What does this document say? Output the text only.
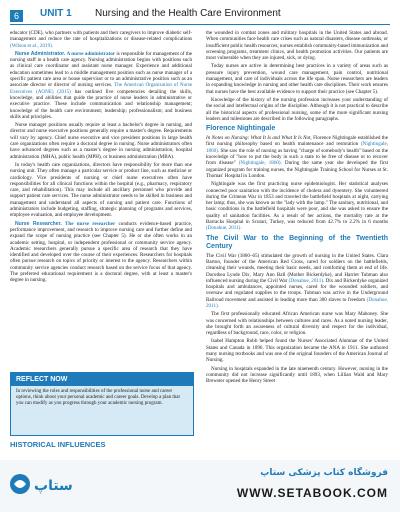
6	UNIT 1 Nursing and the Health Care Environment

educator (CDE), who partners with patients and their caregivers to improve diabetic self-management and reduce the rate of hospitalizations or disease-related complications (Wilson et al., 2019).

Nurse Administrator. A nurse administrator is responsible for management of the nursing staff in a health care agency. Nursing administration begins with positions such as clinical care coordinator and assistant nurse manager. Experience and additional education sometimes lead to a middle management position such as nurse manager of a specific patient care area or house supervisor or to an administrative position such as an associate director or director of nursing services. The American Organization of Nurse Executives (AONE) (2015) has outlined five competencies detailing the skills, knowledge, and abilities that guide the practice of nurse leaders in administrative or executive practice. These include communication and relationship management; knowledge of the health care environment; leadership; professionalism; and business skills and principles.

Nurse manager positions usually require at least a bachelor's degree in nursing, and director and nurse executive positions generally require a master's degree. Requirements will vary by agency. Chief nurse executive and vice president positions in large health care organizations often require a doctoral degree in nursing. Nurse administrators often have advanced degrees such as a master's degree in nursing administration, hospital administration (MHA), public health (MPH), or business administration (MBA).

In today's health care organizations, directors have responsibility for more than one nursing unit. They often manage a particular service or product line, such as medicine or cardiology. Vice presidents of nursing or chief nurse executives often have responsibilities for all clinical functions within the hospital (e.g., pharmacy, respiratory care, and rehabilitation). This may include all ancillary personnel who provide and support patient care services. The nurse administrator needs to be skilled in business and management and understand all aspects of nursing and patient care. Functions of administrators include budgeting, staffing, strategic planning of programs and services, employee evaluation, and employee development.

Nurse Researcher. The nurse researcher conducts evidence-based practice, performance improvement, and research to improve nursing care and further define and expand the scope of nursing practice (see Chapter 5). He or she often works in an academic setting, hospital, or independent professional or community service agency. Academic researchers generally pursue a specific area of research that they have identified and developed over the course of their experiences. Researchers for hospitals often pursue research on topics of priority or interest to the agency. Researchers within community service agencies conduct research based on the service focus of that agency. The preferred educational requirement is a doctoral degree, with at least a master's degree in nursing.

REFLECT NOW
In reviewing the roles and responsibilities of the professional nurse and career options, think about your personal academic and career goals. Develop a plan that you can modify as you progress through your academic nursing program.
HISTORICAL INFLUENCES

the wounded in combat zones and military hospitals in the United States and abroad. When communities face health care crises such as natural disasters, disease outbreaks, or insufficient public health resources, nurses establish community-based immunization and screening programs, treatment clinics, and health promotion activities. Our patients are most vulnerable when they are injured, sick, or dying.

Today nurses are active in determining best practices in a variety of areas such as pressure injury prevention, wound care management, pain control, nutritional management, and care of individuals across the life span. Nurse researchers are leaders in expanding knowledge in nursing and other health care disciplines. Their work ensures that nurses have the best available evidence to support their practice (see Chapter 5).

Knowledge of the history of the nursing profession increases your understanding of the social and intellectual origins of the discipline. Although it is not practical to describe all the historical aspects of professional nursing, some of the more significant nursing leaders and milestones are described in the following paragraphs.

Florence Nightingale

In Notes on Nursing: What It Is and What It Is Not, Florence Nightingale established the first nursing philosophy based on health maintenance and restoration (Nightingale, 1860). She saw the role of nursing as having "charge of somebody's health" based on the knowledge of "how to put the body in such a state to be free of disease or to recover from disease" (Nightingale, 1860). During the same year she developed the first organized program for training nurses, the Nightingale Training School for Nurses at St. Thomas' Hospital in London.

Nightingale was the first practicing nurse epidemiologist. Her statistical analyses connected poor sanitation with the incidence of cholera and dysentery. She volunteered during the Crimean War in 1853 and traveled the battlefield hospitals at night, carrying her lamp; thus, she was known as the "lady with the lamp." The sanitary, nutritional, and basic conditions in the battlefield hospitals were poor, and she was asked to ensure the quality of sanitation facilities. As a result of her actions, the mortality rate at the Barracks Hospital in Scutari, Turkey, was reduced from 42.7% to 2.2% in 6 months (Donahue, 2011).

The Civil War to the Beginning of the Twentieth Century

The Civil War (1860–65) stimulated the growth of nursing in the United States. Clara Barton, founder of the American Red Cross, cared for soldiers on the battlefields, cleansing their wounds, meeting their basic needs, and comforting them at end of life. Dorothea Lynde Dix, Mary Ann Ball (Mother Bickerdyke), and Harriet Tubman also influenced nursing during the Civil War (Donahue, 2011). Dix and Bickerdyke organized hospitals and ambulances, appointed nurses, cared for the wounded soldiers, and oversaw and regulated supplies to the troops. Tubman was active in the Underground Railroad movement and assisted in leading more than 300 slaves to freedom (Donahue, 2011).

The first professionally educated African American nurse was Mary Mahoney. She was concerned with relationships between cultures and races. As a noted nursing leader, she brought forth an awareness of cultural diversity and respect for the individual, regardless of background, race, color, or religion.

Isabel Hampton Robb helped found the Nurses' Associated Alumnae of the United States and Canada in 1896. This organization became the ANA in 1911. She authored many nursing textbooks and was one of the original founders of the American Journal of Nursing.

Nursing in hospitals expanded in the late nineteenth century. However, nursing in the community did not increase significantly until 1893, when Lillian Wald and Mary Brewster opened the Henry Street

ستاپ
فروشگاه کتاب پزشکی ستاپ
WWW.SETABOOK.COM
